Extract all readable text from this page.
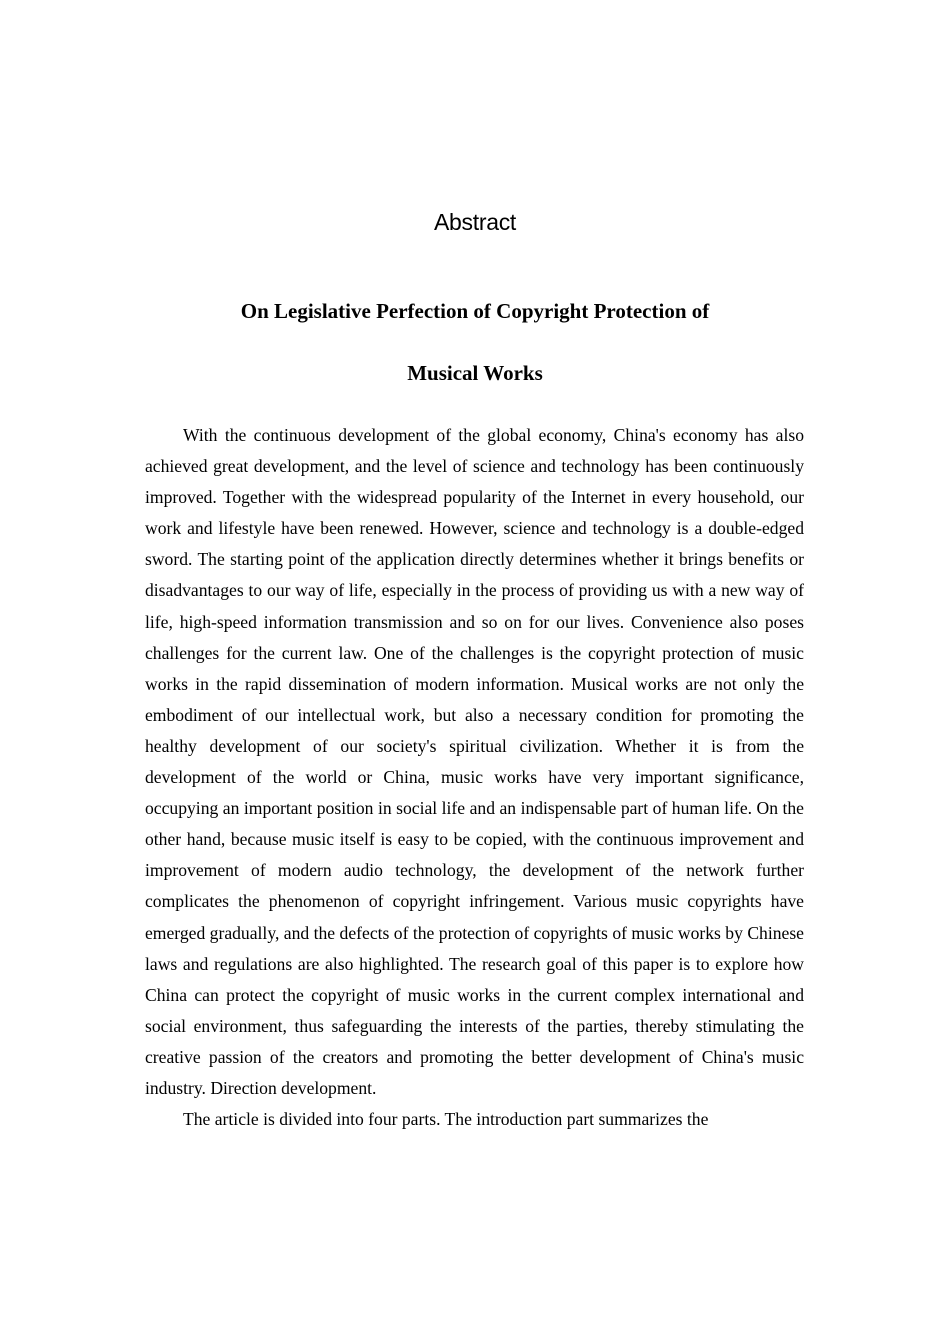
Abstract
On Legislative Perfection of Copyright Protection of
Musical Works

With the continuous development of the global economy, China's economy has also achieved great development, and the level of science and technology has been continuously improved. Together with the widespread popularity of the Internet in every household, our work and lifestyle have been renewed. However, science and technology is a double-edged sword. The starting point of the application directly determines whether it brings benefits or disadvantages to our way of life, especially in the process of providing us with a new way of life, high-speed information transmission and so on for our lives. Convenience also poses challenges for the current law. One of the challenges is the copyright protection of music works in the rapid dissemination of modern information. Musical works are not only the embodiment of our intellectual work, but also a necessary condition for promoting the healthy development of our society's spiritual civilization. Whether it is from the development of the world or China, music works have very important significance, occupying an important position in social life and an indispensable part of human life. On the other hand, because music itself is easy to be copied, with the continuous improvement and improvement of modern audio technology, the development of the network further complicates the phenomenon of copyright infringement. Various music copyrights have emerged gradually, and the defects of the protection of copyrights of music works by Chinese laws and regulations are also highlighted. The research goal of this paper is to explore how China can protect the copyright of music works in the current complex international and social environment, thus safeguarding the interests of the parties, thereby stimulating the creative passion of the creators and promoting the better development of China's music industry. Direction development.

The article is divided into four parts. The introduction part summarizes the
